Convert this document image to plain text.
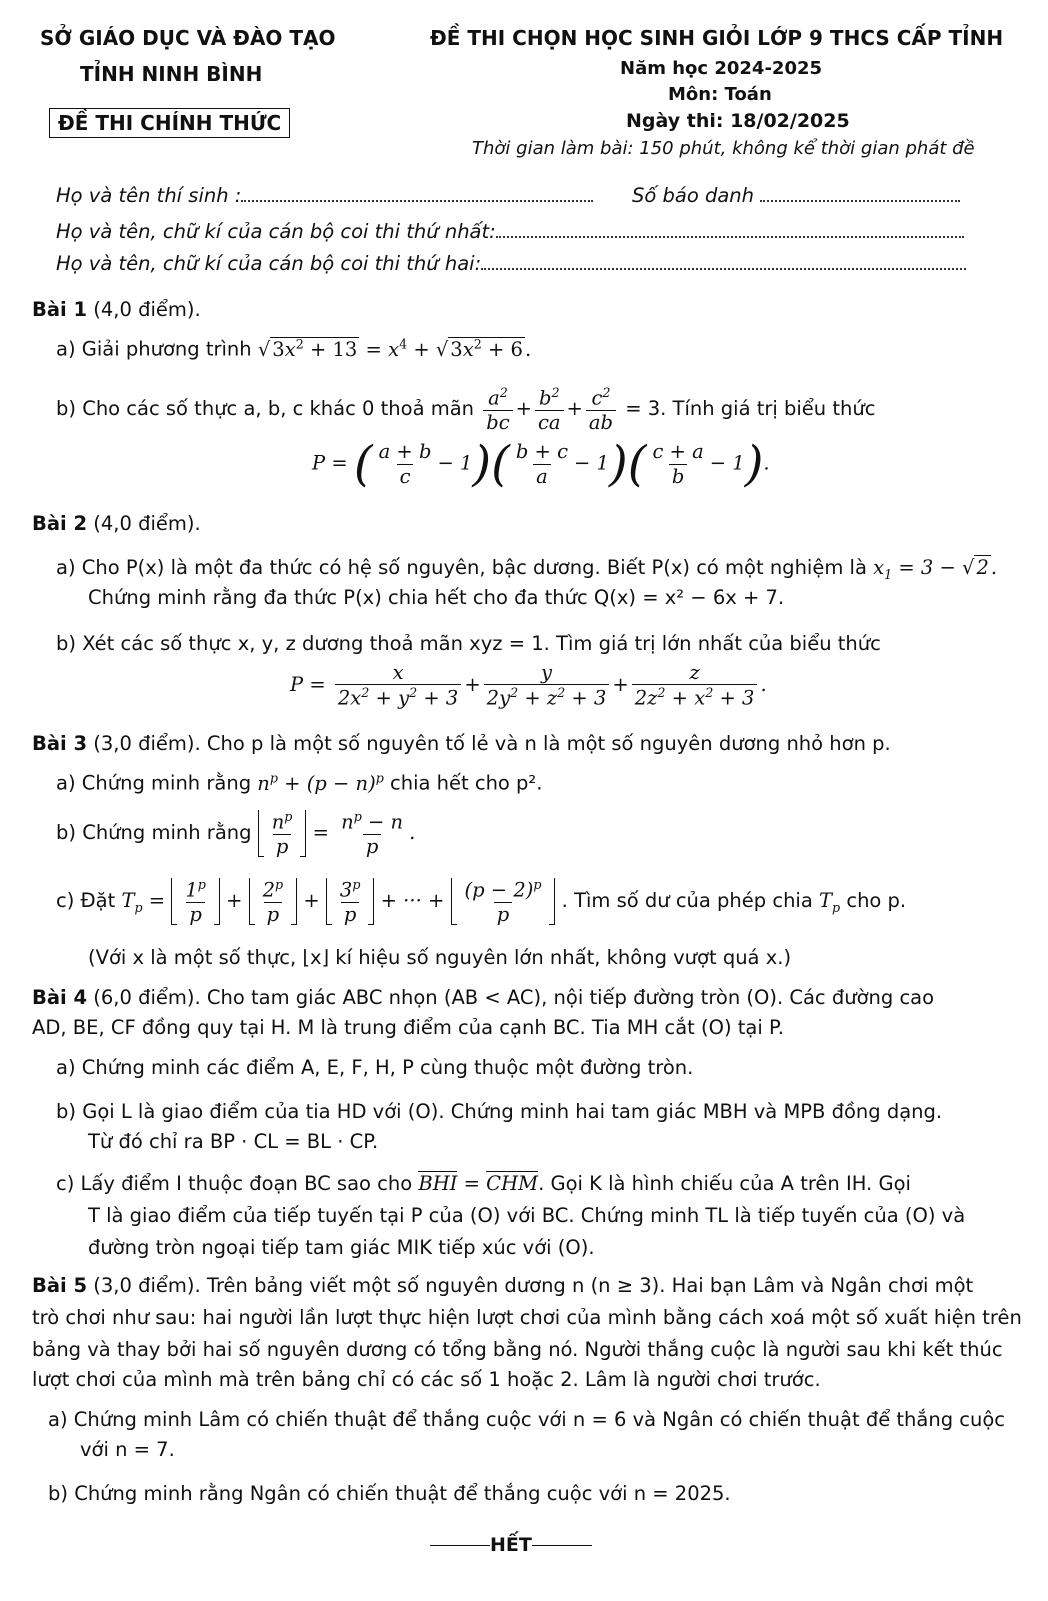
SỞ GIÁO DỤC VÀ ĐÀO TẠO
TỈNH NINH BÌNH
ĐỀ THI CHÍNH THỨC
ĐỀ THI CHỌN HỌC SINH GIỎI LỚP 9 THCS CẤP TỈNH
Năm học 2024-2025
Môn: Toán
Ngày thi: 18/02/2025
Thời gian làm bài: 150 phút, không kể thời gian phát đề
Họ và tên thí sinh :	Số báo danh
Họ và tên, chữ kí của cán bộ coi thi thứ nhất:
Họ và tên, chữ kí của cán bộ coi thi thứ hai:
Bài 1 (4,0 điểm).
a) Giải phương trình √ $3x^2 + 13 = x^4$ + √ $3x^2 + 6$ .
b) Cho các số thực a, b, c khác 0 thoả mãn $\frac{a^2}{bc} + \frac{b^2}{ca} + \frac{c^2}{ab} = 3$. Tính giá trị biểu thức
P = ( $\frac{a + b}{c} - 1)( \frac{b + c}{a} - 1)( \frac{c + a}{b} - 1)$.
Bài 2 (4,0 điểm).
a) Cho P(x) là một đa thức có hệ số nguyên, bậc dương. Biết P(x) có một nghiệm là $x_1 = 3$ − √ 2 .
Chứng minh rằng đa thức P(x) chia hết cho đa thức Q(x) = x² − 6x + 7.
b) Xét các số thực x, y, z dương thoả mãn xyz = 1. Tìm giá trị lớn nhất của biểu thức
$P = \frac{x}{2x^2 + y^2 + 3} + \frac{y}{2y^2 + z^2 + 3} + \frac{z}{2z^2 + x^2 + 3}$ .
Bài 3 (3,0 điểm). Cho p là một số nguyên tố lẻ và n là một số nguyên dương nhỏ hơn p.
a) Chứng minh rằng $n^p + (p - n)^p$ chia hết cho p².
b) Chứng minh rằng $n^p$
p
= $\frac{n^p - n}{p}$ .
c) Đặt $T_p = 1^p$
p
+ $2^p$
p
+ $3^p$
p
+ ··· + $(p - 2)^p$
p
. Tìm số dư của phép chia $T_p$ cho p.
(Với x là một số thực, ⌊x⌋ kí hiệu số nguyên lớn nhất, không vượt quá x.)
Bài 4 (6,0 điểm). Cho tam giác ABC nhọn (AB < AC), nội tiếp đường tròn (O). Các đường cao
AD, BE, CF đồng quy tại H. M là trung điểm của cạnh BC. Tia MH cắt (O) tại P.
a) Chứng minh các điểm A, E, F, H, P cùng thuộc một đường tròn.
b) Gọi L là giao điểm của tia HD với (O). Chứng minh hai tam giác MBH và MPB đồng dạng.
Từ đó chỉ ra BP · CL = BL · CP.
c) Lấy điểm I thuộc đoạn BC sao cho BHI = CHM. Gọi K là hình chiếu của A trên IH. Gọi
T là giao điểm của tiếp tuyến tại P của (O) với BC. Chứng minh TL là tiếp tuyến của (O) và
đường tròn ngoại tiếp tam giác MIK tiếp xúc với (O).
Bài 5 (3,0 điểm). Trên bảng viết một số nguyên dương n (n ≥ 3). Hai bạn Lâm và Ngân chơi một
trò chơi như sau: hai người lần lượt thực hiện lượt chơi của mình bằng cách xoá một số xuất hiện trên
bảng và thay bởi hai số nguyên dương có tổng bằng nó. Người thắng cuộc là người sau khi kết thúc
lượt chơi của mình mà trên bảng chỉ có các số 1 hoặc 2. Lâm là người chơi trước.
a) Chứng minh Lâm có chiến thuật để thắng cuộc với n = 6 và Ngân có chiến thuật để thắng cuộc
với n = 7.
b) Chứng minh rằng Ngân có chiến thuật để thắng cuộc với n = 2025.
HẾT
